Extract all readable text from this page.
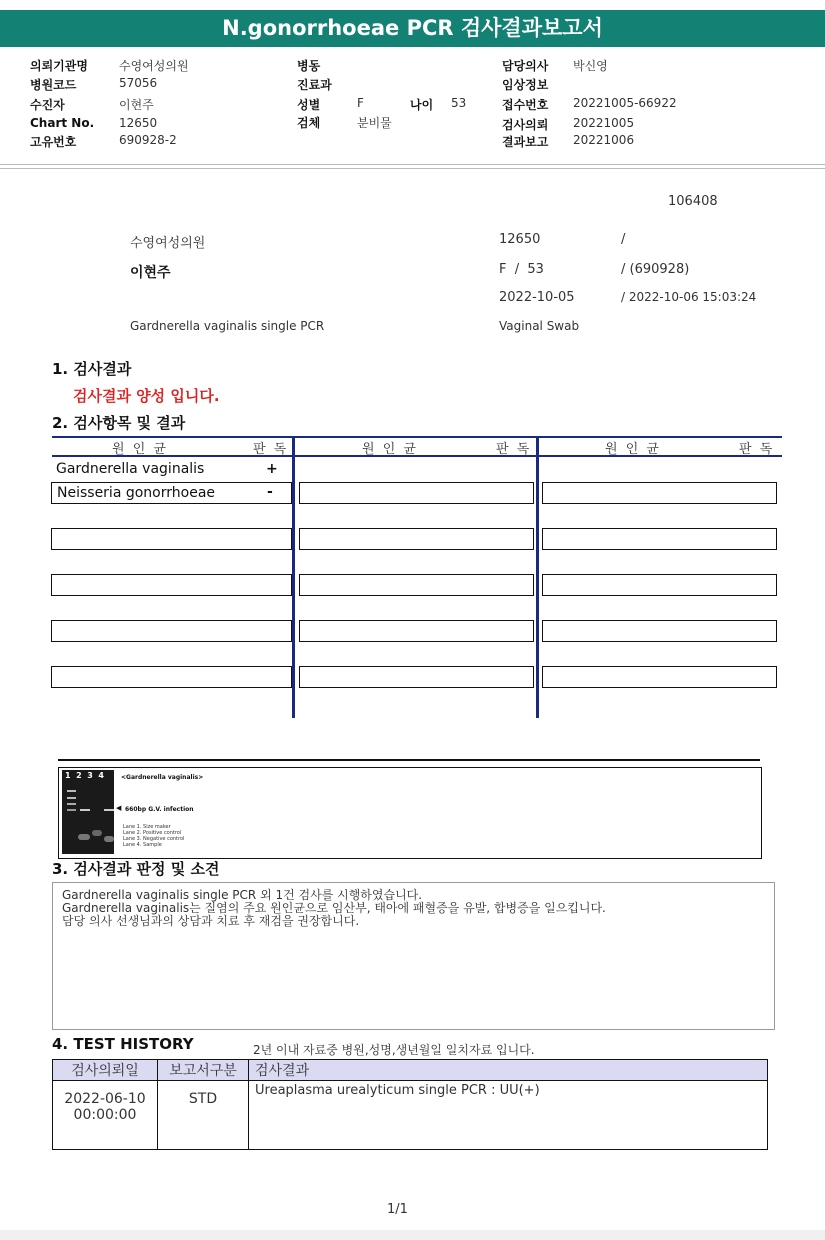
N.gonorrhoeae PCR 검사결과보고서
의뢰기관명	수영여성의원
병원코드	57056
수진자	이현주
Chart No. 12650
고유번호	690928-2
병동
진료과
성별	F	나이 53
검체	분비물
담당의사 박신영
임상정보
접수번호 20221005-66922
검사의뢰 20221005
결과보고 20221006
106408
수영여성의원	12650	/
이현주	F  /  53	/ (690928)
2022-10-05	/ 2022-10-06 15:03:24
Gardnerella vaginalis single PCR	Vaginal Swab
1. 검사결과
검사결과 양성 입니다.
2. 검사항목 및 결과
원 인 균	판 독	원 인 균	판 독	원 인 균	판 독
Gardnerella vaginalis	+
Neisseria gonorrhoeae	-
1  2  3  4	<Gardnerella vaginalis>
◀ 660bp G.V. infection
Lane 1. Size maker
Lane 2. Positive control
Lane 3. Negative control
Lane 4. Sample
3. 검사결과 판정 및 소견
Gardnerella vaginalis single PCR 외 1건 검사를 시행하였습니다.
Gardnerella vaginalis는 질염의 주요 원인균으로 임산부, 태아에 패혈증을 유발, 합병증을 일으킵니다.
담당 의사 선생님과의 상담과 치료 후 재검을 권장합니다.
4. TEST HISTORY	2년 이내 자료중 병원,성명,생년월일 일치자료 입니다.
검사의뢰일	보고서구분	검사결과
2022-06-10 00:00:00	STD	Ureaplasma urealyticum single PCR : UU(+)
1/1
